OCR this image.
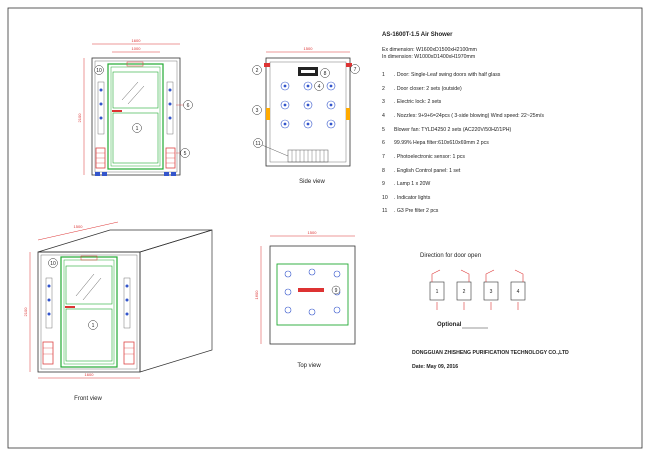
1600
1000
2100
10
1
6
5
1500
2	7
8
4
3
11
Side view
1500
2100
1600
10
1
Front view
1500
1600	9
Top view
1	2	3	4
AS-1600T-1.5 Air Shower
Ex dimension: W1600xD1500xH2100mm
In dimension: W1000xD1400xH1970mm
1 . Door: Single-Leaf swing doors with half glass
2 . Door closer: 2 sets (outside)
3 . Electric lock: 2 sets
4 . Nozzles: 9+9+6=24pcs ( 3-side blowing) Wind speed: 22~25m/s
5 Blower fan: TYLD4250 2 sets (AC220V/50HZ/1PH)
6 99.99% Hepa filter:610x610x69mm 2 pcs
7 . Photoelectronic sensor: 1 pcs
8 . English Control panel: 1 set
9 . Lamp 1 x 20W
10 . Indicator lights
11 . G3 Pre filter 2 pcs
Direction for door open
Optional
DONGGUAN ZHISHENG PURIFICATION TECHNOLOGY CO.,LTD
Date: May 09, 2016
